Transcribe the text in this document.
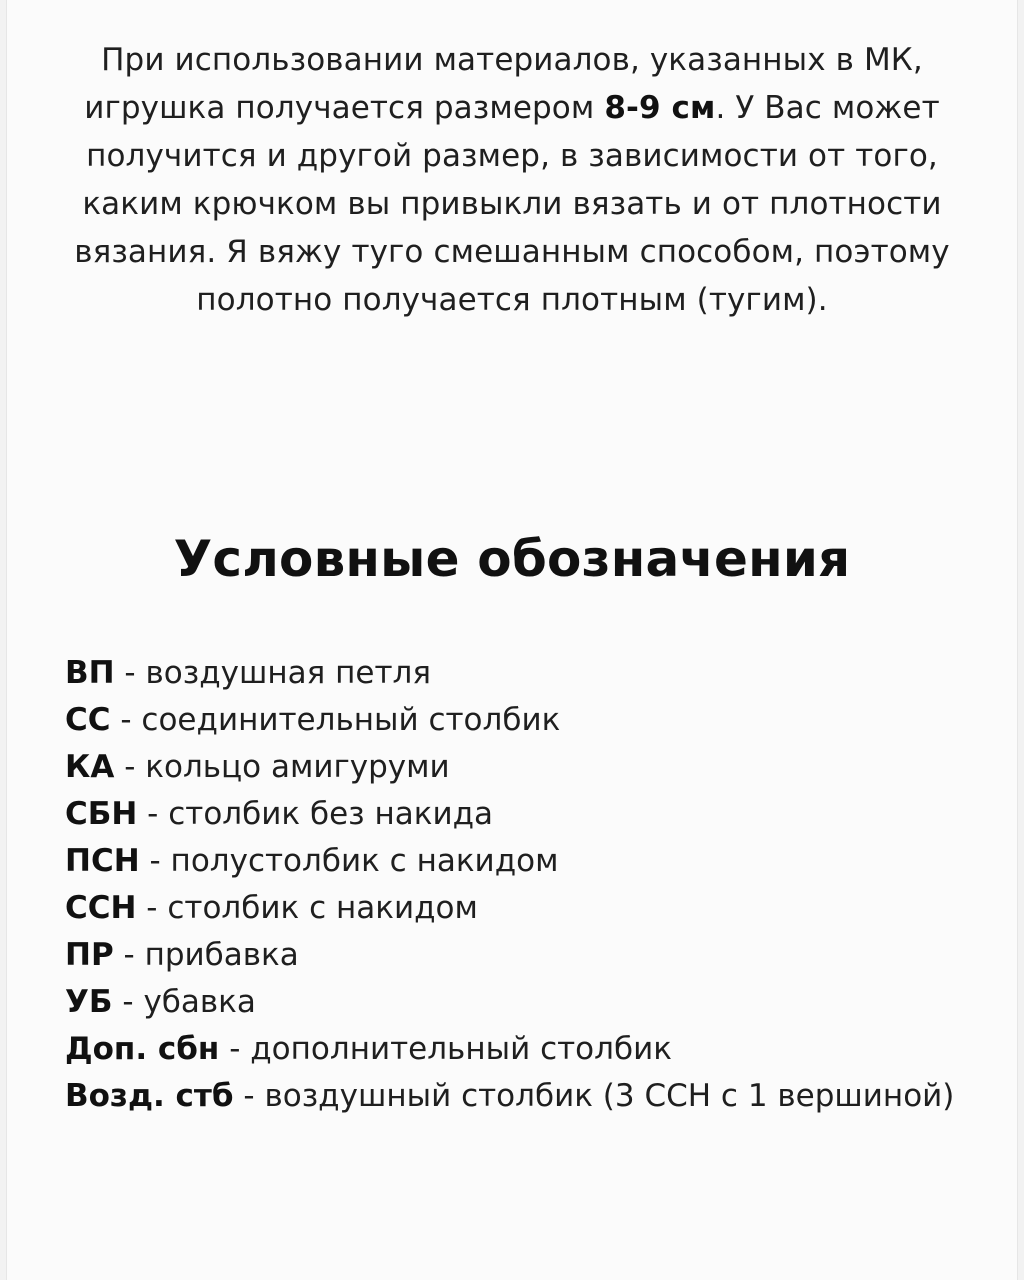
При использовании материалов, указанных в МК,
игрушка получается размером 8-9 см. У Вас может
получится и другой размер, в зависимости от того,
каким крючком вы привыкли вязать и от плотности
вязания. Я вяжу туго смешанным способом, поэтому
полотно получается плотным (тугим).
Условные обозначения
ВП - воздушная петля
СС - соединительный столбик
КА - кольцо амигуруми
СБН - столбик без накида
ПСН - полустолбик с накидом
ССН - столбик с накидом
ПР - прибавка
УБ - убавка
Доп. сбн - дополнительный столбик
Возд. стб - воздушный столбик (3 ССН с 1 вершиной)
